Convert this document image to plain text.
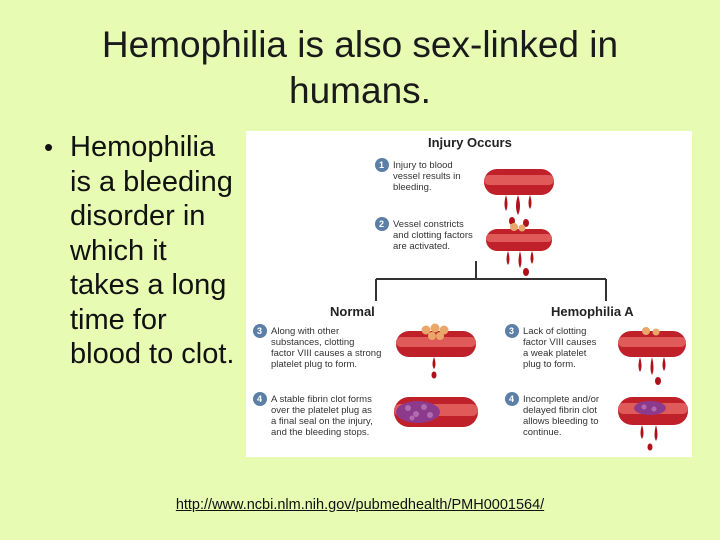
Hemophilia is also sex-linked in humans.
• Hemophilia is a bleeding disorder in which it takes a long time for blood to clot.
Injury Occurs
1 Injury to blood
vessel results in
bleeding.
2 Vessel constricts
and clotting factors
are activated.
Normal	Hemophilia A
3 Along with other
substances, clotting
factor VIII causes a strong
platelet plug to form.
4 A stable fibrin clot forms
over the platelet plug as
a final seal on the injury,
and the bleeding stops.
3 Lack of clotting
factor VIII causes
a weak platelet
plug to form.
4 Incomplete and/or
delayed fibrin clot
allows bleeding to
continue.
http://www.ncbi.nlm.nih.gov/pubmedhealth/PMH0001564/
